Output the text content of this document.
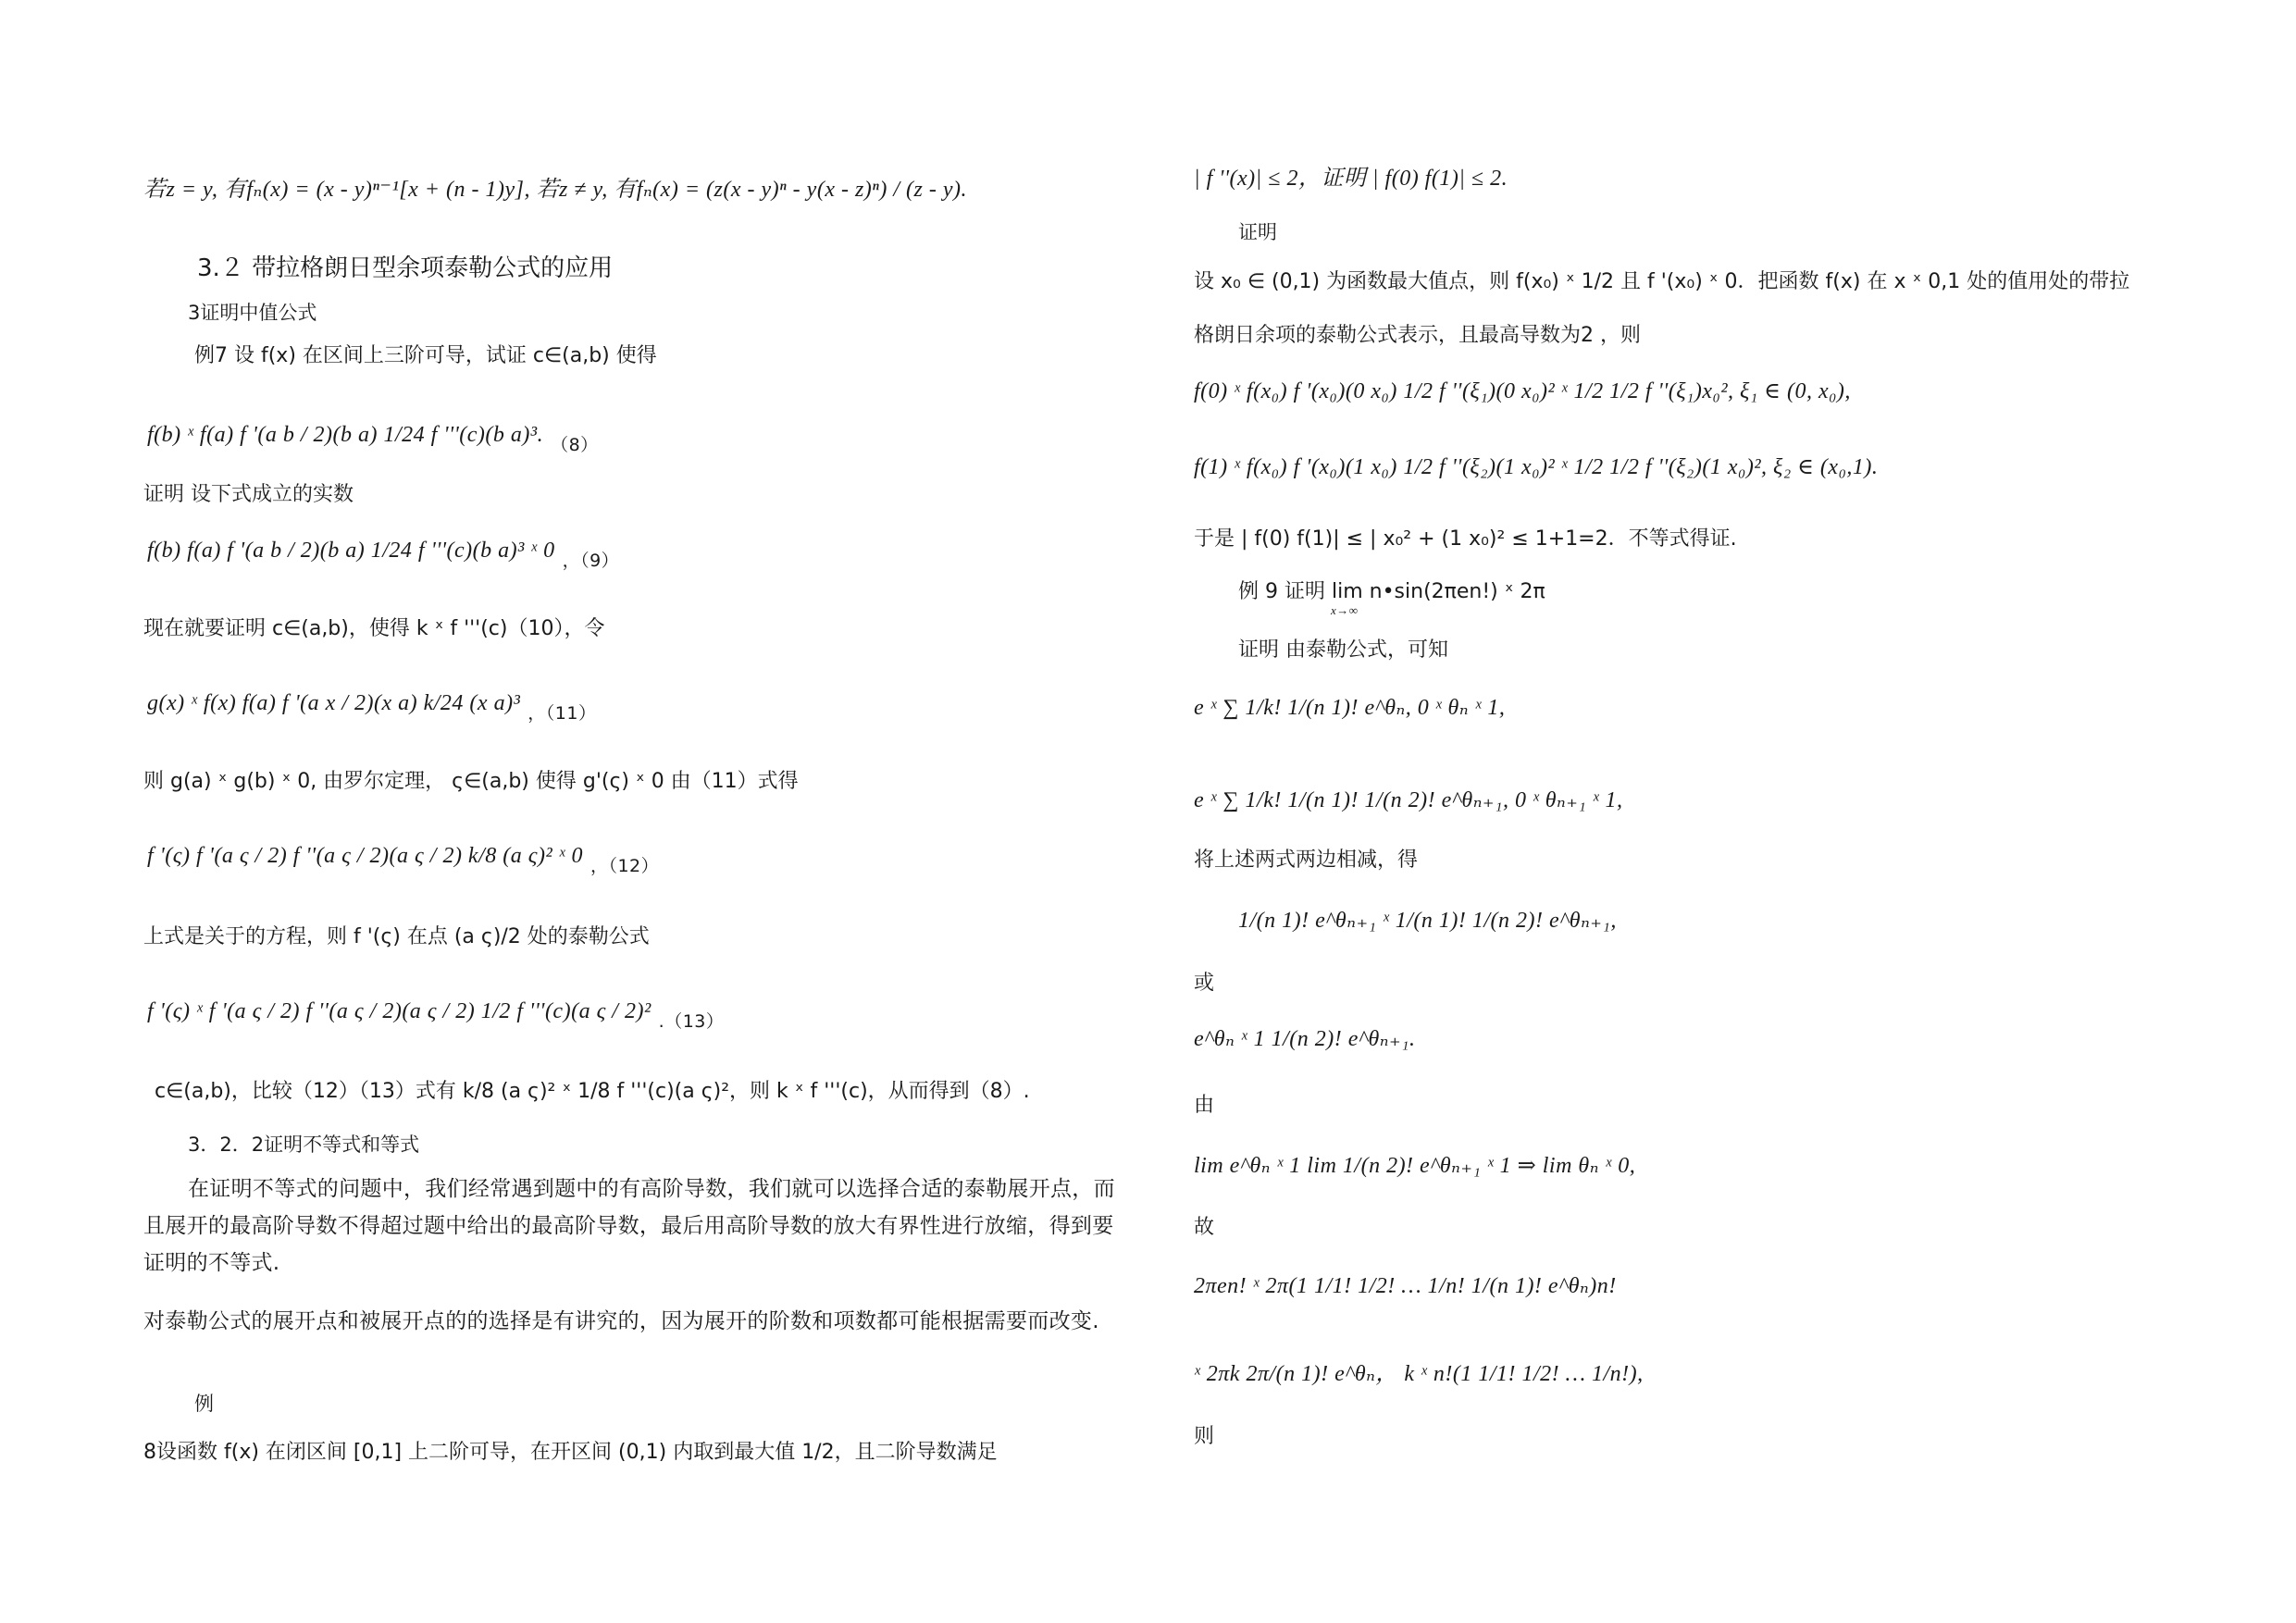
若z = y, 有fₙ(x) = (x - y)ⁿ⁻¹[x + (n - 1)y], 若z ≠ y, 有fₙ(x) = (z(x - y)ⁿ - y(x - z)ⁿ) / (z - y).
3.２ 带拉格朗日型余项泰勒公式的应用
3证明中值公式
例7 设 f(x) 在区间上三阶可导，试证 c∈(a,b) 使得
f(b) ˣ f(a) f '(a b / 2)(b a) 1/24 f '''(c)(b a)³. $_{(8)}$
证明 设下式成立的实数
f(b) f(a) f '(a b / 2)(b a) 1/24 f '''(c)(b a)³ ˣ 0 $_{,(9)}$
现在就要证明 c∈(a,b)，使得 k ˣ f '''(c)（10），令
g(x) ˣ f(x) f(a) f '(a x / 2)(x a) k/24 (x a)³ $_{,(11)}$
则 g(a) ˣ g(b) ˣ 0, 由罗尔定理， ς∈(a,b) 使得 g'(ς) ˣ 0 由（11）式得
f '(ς) f '(a ς / 2) f ''(a ς / 2)(a ς / 2) k/8 (a ς)² ˣ 0 $_{,(12)}$
上式是关于的方程，则 f '(ς) 在点 (a ς)/2 处的泰勒公式
f '(ς) ˣ f '(a ς / 2) f ''(a ς / 2)(a ς / 2) 1/2 f '''(c)(a ς / 2)² $_{.(13)}$
c∈(a,b)，比较（12）（13）式有 k/8 (a ς)² ˣ 1/8 f '''(c)(a ς)²，则 k ˣ f '''(c)，从而得到（8）.
3．2．2证明不等式和等式
在证明不等式的问题中，我们经常遇到题中的有高阶导数，我们就可以选择合适的泰勒展开点，而且展开的最高阶导数不得超过题中给出的最高阶导数，最后用高阶导数的放大有界性进行放缩，得到要证明的不等式.
对泰勒公式的展开点和被展开点的的选择是有讲究的，因为展开的阶数和项数都可能根据需要而改变.
例
8设函数 f(x) 在闭区间 [0,1] 上二阶可导，在开区间 (0,1) 内取到最大值 1/2，且二阶导数满足
| f ''(x)| ≤ 2，证明 | f(0) f(1)| ≤ 2.
证明
设 x₀ ∈ (0,1) 为函数最大值点，则 f(x₀) ˣ 1/2 且 f '(x₀) ˣ 0．把函数 f(x) 在 x ˣ 0,1 处的值用处的带拉
格朗日余项的泰勒公式表示，且最高导数为2 ，则
f(0) ˣ f(x₀) f '(x₀)(0 x₀) 1/2 f ''(ξ₁)(0 x₀)² ˣ 1/2 1/2 f ''(ξ₁)x₀², ξ₁ ∈ (0, x₀),
f(1) ˣ f(x₀) f '(x₀)(1 x₀) 1/2 f ''(ξ₂)(1 x₀)² ˣ 1/2 1/2 f ''(ξ₂)(1 x₀)², ξ₂ ∈ (x₀,1).
于是 | f(0) f(1)| ≤ | x₀² + (1 x₀)² ≤ 1+1=2．不等式得证.
例 9 证明 lim n•sin(2πen!) ˣ 2π
x→∞
证明 由泰勒公式，可知
e ˣ ∑ 1/k! 1/(n 1)! e^θₙ, 0 ˣ θₙ ˣ 1,
e ˣ ∑ 1/k! 1/(n 1)! 1/(n 2)! e^θₙ₊₁, 0 ˣ θₙ₊₁ ˣ 1,
将上述两式两边相减，得
1/(n 1)! e^θₙ₊₁ ˣ 1/(n 1)! 1/(n 2)! e^θₙ₊₁,
或
e^θₙ ˣ 1 1/(n 2)! e^θₙ₊₁.
由
lim e^θₙ ˣ 1 lim 1/(n 2)! e^θₙ₊₁ ˣ 1 ⇒ lim θₙ ˣ 0,
故
2πen! ˣ 2π(1 1/1! 1/2! … 1/n! 1/(n 1)! e^θₙ)n!
ˣ 2πk 2π/(n 1)! e^θₙ， k ˣ n!(1 1/1! 1/2! … 1/n!),
则
